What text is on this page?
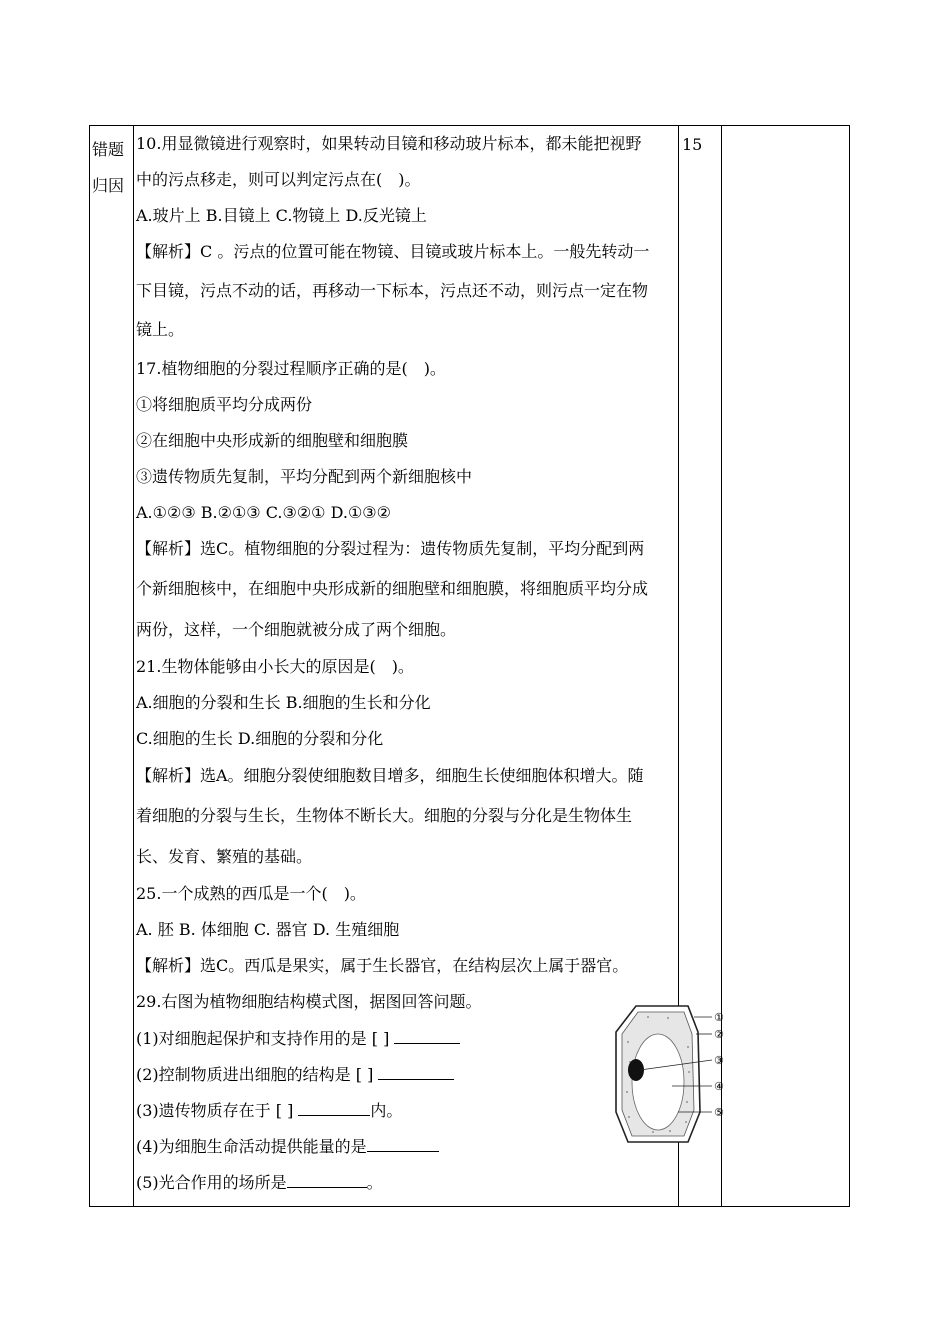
错题
归因
15
10.用显微镜进行观察时，如果转动目镜和移动玻片标本，都未能把视野
中的污点移走，则可以判定污点在(　)。
A.玻片上 B.目镜上 C.物镜上 D.反光镜上
【解析】C 。污点的位置可能在物镜、目镜或玻片标本上。一般先转动一
下目镜，污点不动的话，再移动一下标本，污点还不动，则污点一定在物
镜上。
17.植物细胞的分裂过程顺序正确的是(　)。
①将细胞质平均分成两份
②在细胞中央形成新的细胞壁和细胞膜
③遗传物质先复制，平均分配到两个新细胞核中
A.①②③ B.②①③ C.③②① D.①③②
【解析】选C。植物细胞的分裂过程为：遗传物质先复制，平均分配到两
个新细胞核中，在细胞中央形成新的细胞壁和细胞膜，将细胞质平均分成
两份，这样，一个细胞就被分成了两个细胞。
21.生物体能够由小长大的原因是(　)。
A.细胞的分裂和生长 B.细胞的生长和分化
C.细胞的生长 D.细胞的分裂和分化
【解析】选A。细胞分裂使细胞数目增多，细胞生长使细胞体积增大。随
着细胞的分裂与生长，生物体不断长大。细胞的分裂与分化是生物体生
长、发育、繁殖的基础。
25.一个成熟的西瓜是一个(　)。
A. 胚 B. 体细胞 C. 器官 D. 生殖细胞
【解析】选C。西瓜是果实，属于生长器官，在结构层次上属于器官。
29.右图为植物细胞结构模式图，据图回答问题。
(1)对细胞起保护和支持作用的是 [ ]
(2)控制物质进出细胞的结构是 [ ]
(3)遗传物质存在于 [ ]	内。
(4)为细胞生命活动提供能量的是
(5)光合作用的场所是	。
①
②
③
④
⑤
